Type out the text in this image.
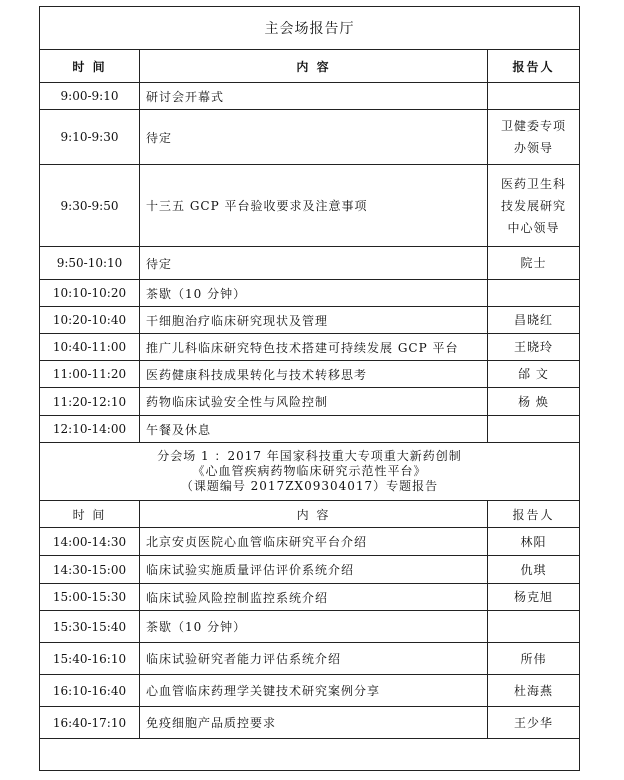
主会场报告厅		
时 间	内 容	报告人
9:00-9:10	研讨会开幕式	
9:10-9:30	待定	卫健委专项办领导
9:30-9:50	十三五 GCP 平台验收要求及注意事项	医药卫生科技发展研究中心领导
9:50-10:10	待定	院士
10:10-10:20	茶歇（10 分钟）	
10:20-10:40	干细胞治疗临床研究现状及管理	昌晓红
10:40-11:00	推广儿科临床研究特色技术搭建可持续发展 GCP 平台	王晓玲
11:00-11:20	医药健康科技成果转化与技术转移思考	邰 文
11:20-12:10	药物临床试验安全性与风险控制	杨 焕
12:10-14:00	午餐及休息	

分会场 1 ：2017 年国家科技重大专项重大新药创制
《心血管疾病药物临床研究示范性平台》
（课题编号 2017ZX09304017）专题报告		

时 间	内 容	报告人
14:00-14:30	北京安贞医院心血管临床研究平台介绍	林阳
14:30-15:00	临床试验实施质量评估评价系统介绍	仇琪
15:00-15:30	临床试验风险控制监控系统介绍	杨克旭
15:30-15:40	茶歇（10 分钟）	
15:40-16:10	临床试验研究者能力评估系统介绍	所伟
16:10-16:40	心血管临床药理学关键技术研究案例分享	杜海燕
16:40-17:10	免疫细胞产品质控要求	王少华
